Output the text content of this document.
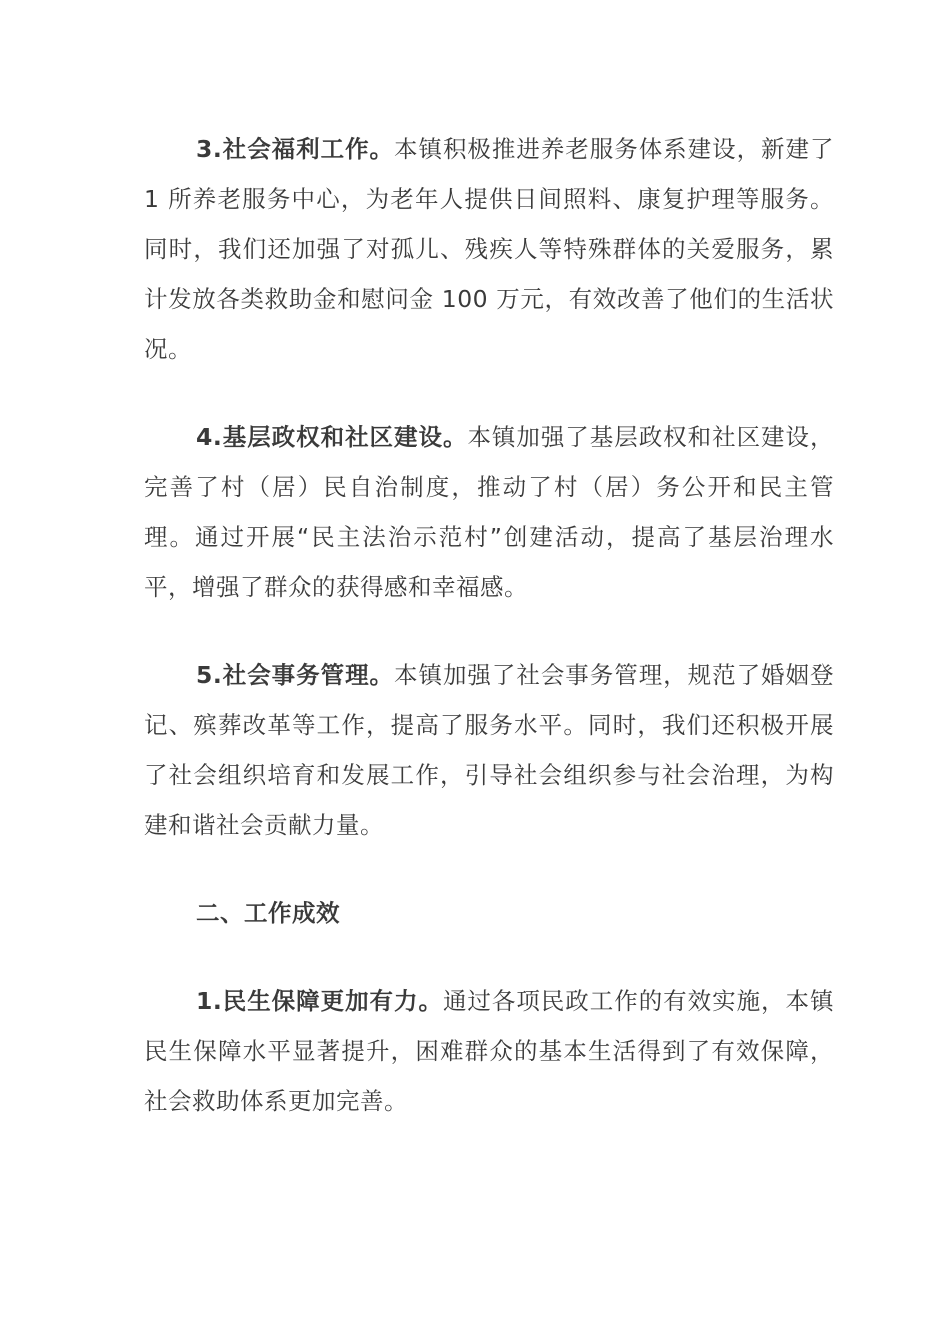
3.社会福利工作。本镇积极推进养老服务体系建设，新建了 1 所养老服务中心，为老年人提供日间照料、康复护理等服务。同时，我们还加强了对孤儿、残疾人等特殊群体的关爱服务，累计发放各类救助金和慰问金 100 万元，有效改善了他们的生活状况。

4.基层政权和社区建设。本镇加强了基层政权和社区建设，完善了村（居）民自治制度，推动了村（居）务公开和民主管理。通过开展“民主法治示范村”创建活动，提高了基层治理水平，增强了群众的获得感和幸福感。

5.社会事务管理。本镇加强了社会事务管理，规范了婚姻登记、殡葬改革等工作，提高了服务水平。同时，我们还积极开展了社会组织培育和发展工作，引导社会组织参与社会治理，为构建和谐社会贡献力量。

二、工作成效

1.民生保障更加有力。通过各项民政工作的有效实施，本镇民生保障水平显著提升，困难群众的基本生活得到了有效保障，社会救助体系更加完善。
